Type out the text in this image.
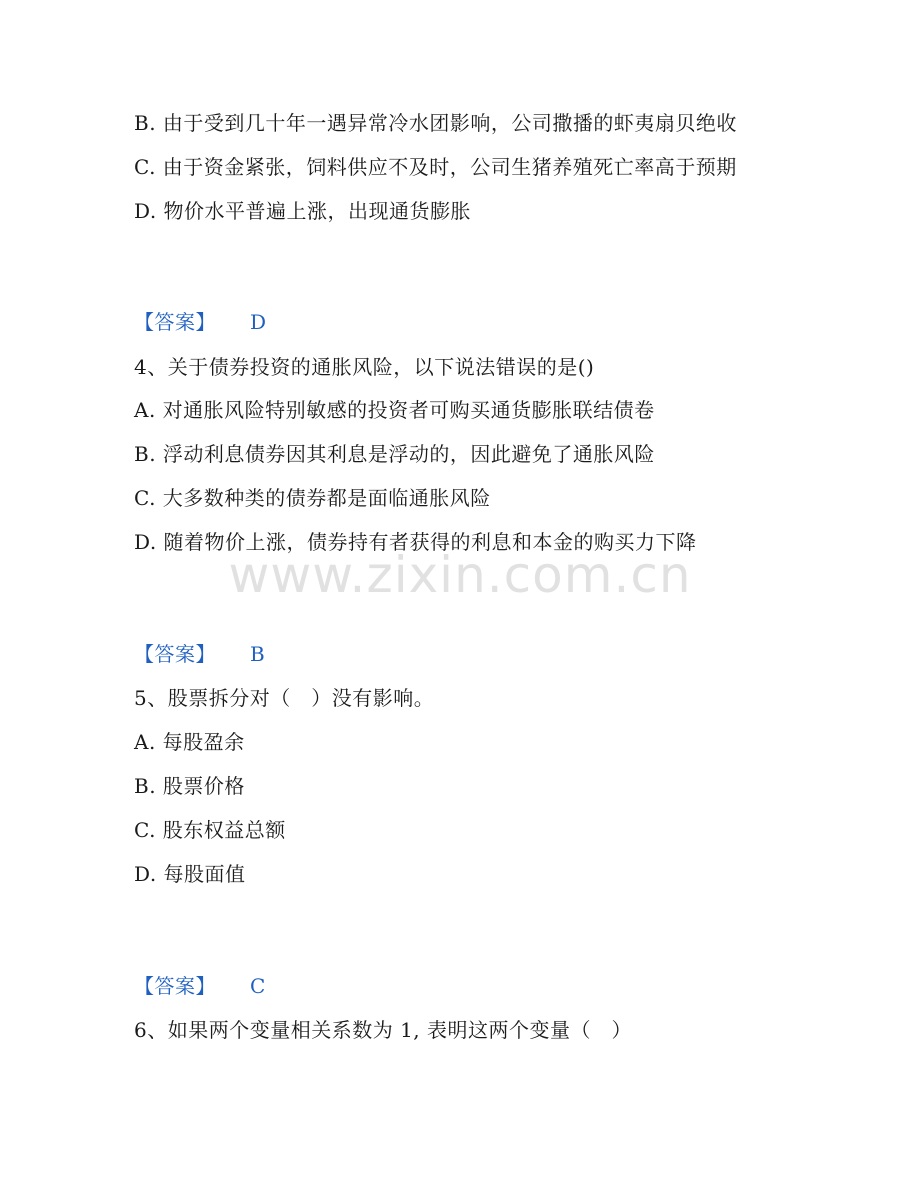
B. 由于受到几十年一遇异常冷水团影响，公司撒播的虾夷扇贝绝收
C. 由于资金紧张，饲料供应不及时，公司生猪养殖死亡率高于预期
D. 物价水平普遍上涨，出现通货膨胀
【答案】 D
4、关于债券投资的通胀风险，以下说法错误的是()
A. 对通胀风险特别敏感的投资者可购买通货膨胀联结债卷
B. 浮动利息债券因其利息是浮动的，因此避免了通胀风险
C. 大多数种类的债券都是面临通胀风险
D. 随着物价上涨，债券持有者获得的利息和本金的购买力下降
【答案】 B
5、股票拆分对（　）没有影响。
A. 每股盈余
B. 股票价格
C. 股东权益总额
D. 每股面值
【答案】 C
6、如果两个变量相关系数为 1, 表明这两个变量（　）
www.zixin.com.cn
